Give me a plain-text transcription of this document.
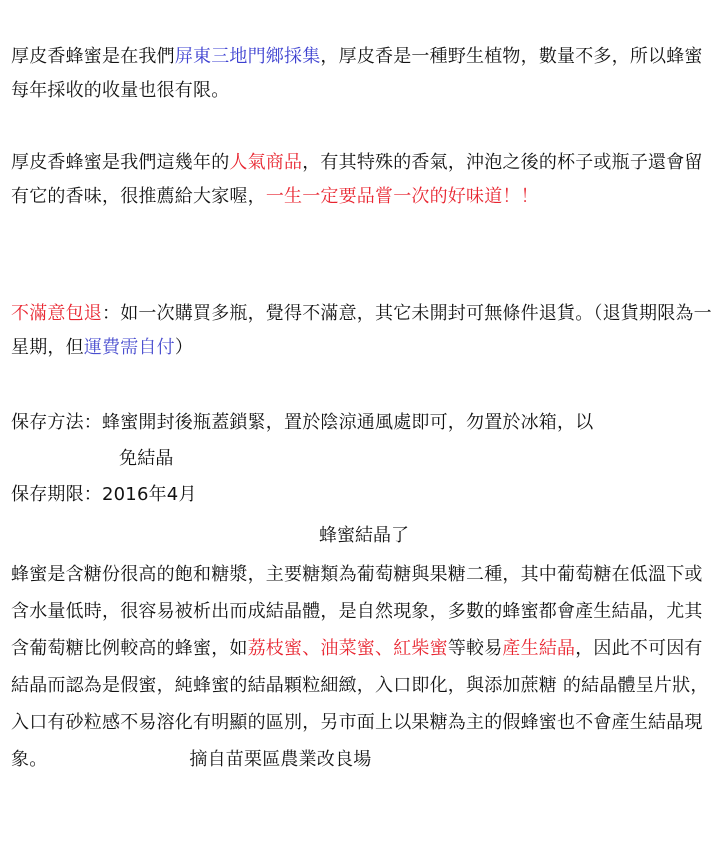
厚皮香蜂蜜是在我們屏東三地門鄉採集，厚皮香是一種野生植物，數量不多，所以蜂蜜每年採收的收量也很有限。

厚皮香蜂蜜是我們這幾年的人氣商品，有其特殊的香氣，沖泡之後的杯子或瓶子還會留有它的香味，很推薦給大家喔，一生一定要品嘗一次的好味道！！

不滿意包退：如一次購買多瓶，覺得不滿意，其它未開封可無條件退貨。（退貨期限為一星期，但運費需自付）

保存方法：蜂蜜開封後瓶蓋鎖緊，置於陰涼通風處即可，勿置於冰箱，以

免結晶

保存期限：2016年4月

蜂蜜結晶了

蜂蜜是含糖份很高的飽和糖漿，主要糖類為葡萄糖與果糖二種，其中葡萄糖在低溫下或含水量低時，很容易被析出而成結晶體，是自然現象，多數的蜂蜜都會產生結晶，尤其含葡萄糖比例較高的蜂蜜，如荔枝蜜、油菜蜜、紅柴蜜等較易產生結晶，因此不可因有結晶而認為是假蜜，純蜂蜜的結晶顆粒細緻，入口即化，與添加蔗糖 的結晶體呈片狀，入口有砂粒感不易溶化有明顯的區別，另市面上以果糖為主的假蜂蜜也不會產生結晶現象。	摘自苗栗區農業改良場
